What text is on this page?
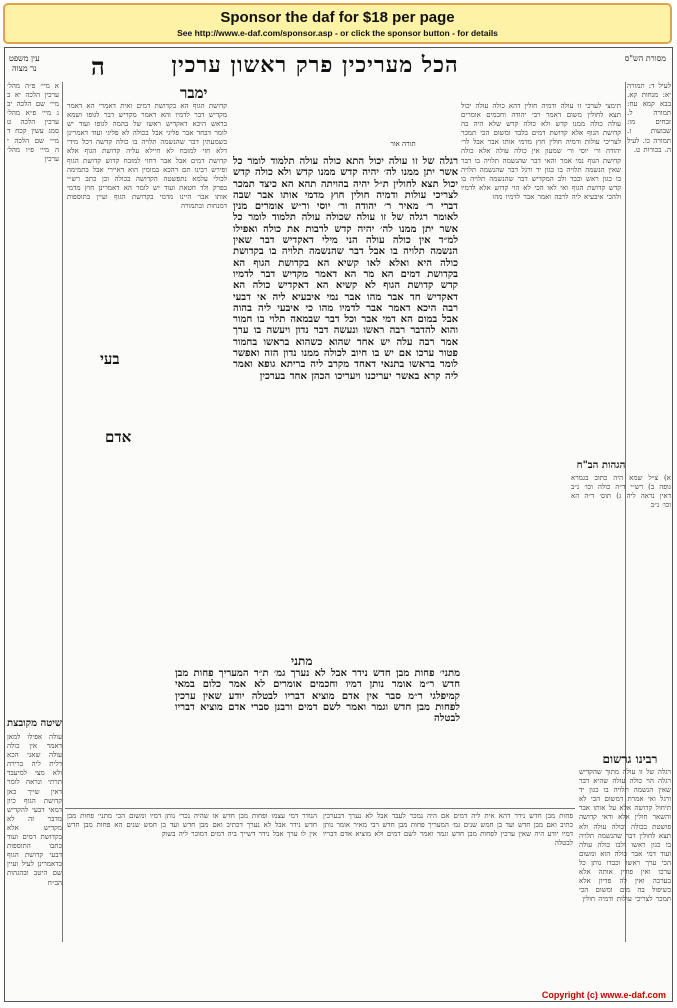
Sponsor the daf for $18 per page
See http://www.e-daf.com/sponsor.asp - or click the sponsor button - for details
עין משפט
נר מצוה	ה	הכל מעריכין פרק ראשון ערכין	מסורת הש"ס
א מיי׳ פ״ה מהל׳ ערכין הלכה יא ב מיי׳ שם הלכה יב ג מיי׳ פ״א מהל׳ ערכין הלכה ט סמג עשין קכח ד מיי׳ שם הלכה י ה מיי׳ פ״ו מהל׳ ערכין
שיטה מקובצת
עולה אפילו למאן דאמר אין כולה עולה שאני הכא דלית ליה ברירה ולא מצי למיעבד תרתי ונראה לומר דאין שייך כאן קדושת הגוף כיון דמאי דבעי להקדיש מדבר זה לא מקדיש אלא בקדושת דמים ועוד כתבו התוספות דבעי קדושת הגוף כדאמרינן לעיל ועיין שם היטב ובהגהות הב״ח
ימבר
בעי
אדם
קדושת הגוף הא בקדושת דמים ואית דאמרי הא דאמר מקדיש דבר לדמיו והא דאמר מקדיש דבר לגופו ושמא בראש היכא דאקדיש ראשו של בהמה לגופו ועוד יש לומר דבחד אבר פליגי אבל בכולה לא פליגי ועוד דאמרינן בשמעתין דבר שהנשמה תלויה בו כולה קדשה דכל מידי דלא חזי למזבח לא חיילא עליה קדושת הגוף אלא קדושת דמים אבל אבר דחזי למזבח קדוש קדושת הגוף ופירש רבינו תם דהכא במומין הוא דאיירי אבל בתמימה לכולי עלמא נתפשטה הקדושה בכולה וכן כתב רש״י בפרק ולד חטאת ועוד יש לומר הא דאמרינן חוץ מדמי אותו אבר היינו מדמי בקדושת הגוף ועיין בתוספות דמנחות ובתמורה
רגלה של זו עולה יכול התא כולה עולה תלמוד לומר כל אשר יתן ממנו לה׳ יהיה קדש ממנו קדש ולא כולה קדש יכול תצא לחולין ת״ל יהיה בהויתה תהא הא כיצד תמכר לצריכי עולות ודמיה חולין חוץ מדמי אותו אבר שבה דברי ר׳ מאיר ר׳ יהודה ור׳ יוסי ור״ש אומרים מנין לאומר רגלה של זו עולה שכולה עולה תלמוד לומר כל אשר יתן ממנו לה׳ יהיה קדש לרבות את כולה ואפילו למ״ד אין כולה עולה הני מילי דאקדיש דבר שאין הנשמה תלויה בו אבל דבר שהנשמה תלויה בו בקדושת כולה היא ואלא לאו קשיא הא בקדושת הגוף הא בקדושת דמים הא מר הא דאמר מקדיש דבר לדמיו קדש קדושת הגוף לא קשיא הא דאקדיש כולה הא דאקדיש חד אבר מהו אבר נמי איבעיא ליה אי דבעי רבה היכא דאמר אבר לדמיו מהו כי איבעי ליה בהוה אבל במום הא דמי אבר וכל דבר שבמאה תלוי בו חמור והוא להדבר רבה ראשו ונעשה דבר נדון ויעשה בו ערך אמר רבה עלה יש אחד שהוא כשהוא בראשו בחמור פטור ערכו אם יש בו חיוב לכולה ממנו נדון הזה ואפשר לומר בראשו בתנאי דאחד מקרב ליה בריתא גופא ואמר ליה קרא באשר יעריכנו ויעריכו הכהן אחד בערכין
מתני
מתני׳ פחות מבן חדש נידר אבל לא נערך גמ׳ ת״ר המעריך פחות מבן חדש ר״מ אומר נותן דמיו וחכמים אומרים לא אמר כלום במאי קמיפלגי ר״מ סבר אין אדם מוציא דבריו לבטלה יודע שאין ערכין לפחות מבן חדש וגמר ואמר לשם דמים ורבנן סברי אדם מוציא דבריו לבטלה
תימצי לערכי זו עולה ודמיה חולין דהא כולה עולה יכול תצא לחולין משום דאמר רבי יהודה וחכמים אומרים עולה כולה ממנו קדש ולא כולה קדש שלא היה בה קדושת הגוף אלא קדושת דמים בלבד ומשום הכי תמכר לצריכי עולות ודמיה חולין חוץ מדמי אותו אבר אבל לר׳ יהודה ור׳ יוסי ור׳ שמעון אין כולה עולה אלא כולה קדושת הגוף נמי אמר והאי דבר שהנשמה תלויה בו דבר שאין הנשמה תלויה בו כגון יד ורגל דבר שהנשמה תלויה בו כגון ראש וכבד ולב המקדיש דבר שהנשמה תלויה בו קדש קדושת הגוף ואי לאו הכי לא הוי קדוש אלא לדמיו ולהכי איבעיא ליה לרבה ואמר אבר לדמיו מהו
תורה אור
לעיל ד: תמורה יא: מנחות קא. בבא קמא עח: תמורה ל. זבחים מו: שבועות ז. תמורה כו. לעיל ה. בכורות ט.
הגהות הב"ח
א) צ״ל שמא היה כתוב בגמרא גופה ב) רש״י ד״ה כולה וכו׳ נ״ב דאין נראה ליה ג) תוס׳ ד״ה הא וכו׳ נ״ב
רבינו גרשום
רגלה של זו עולה מתוך שהקדיש רגלה הוי כולה עולה שהיא דבר שאין הנשמה תלויה בו כגון יד ורגל ואי אמרת דמשום הכי לא תיחול קדושה אלא על אותו אבר והשאר חולין אלא ודאי קדושה פושטת בכולה וכולה עולה ולא תצא לחולין דבר שהנשמה תלויה בו כגון ראשו ולבו כולה עולה ועוד דמי אבר כולה הוא ומשום הכי ערך ראשו וכבדו נותן כל ערכו ואין פודין אותה אלא בערכה ואין לה פדיון אלא כשיפול בה מום ומשום הכי תמכר לצריכי עולות ודמיה חולין
הנודר דמי עצמו ופחות מבן חדש או שהיה נכרי נותן דמיו ומשום הכי מתני׳ פחות מבן חדש נידר אבל לא נערך דכתיב ואם מבן חדש ועד בן חמש שנים הא פחות מבן חדש אין לו ערך אבל נידר דשייך ביה דמים דמוכר ליה בשוק
פחות מבן חדש נידר דהא אית ליה דמים אם היה נמכר לעבד אבל לא נערך דבערכין כתיב ואם מבן חדש ועד בן חמש שנים גמ׳ המעריך פחות מבן חדש רבי מאיר אומר נותן דמיו יודע היה שאין ערכין לפחות מבן חדש וגמר ואמר לשם דמים ולא מוציא אדם דבריו לבטלה
Copyright (c) www.e-daf.com
